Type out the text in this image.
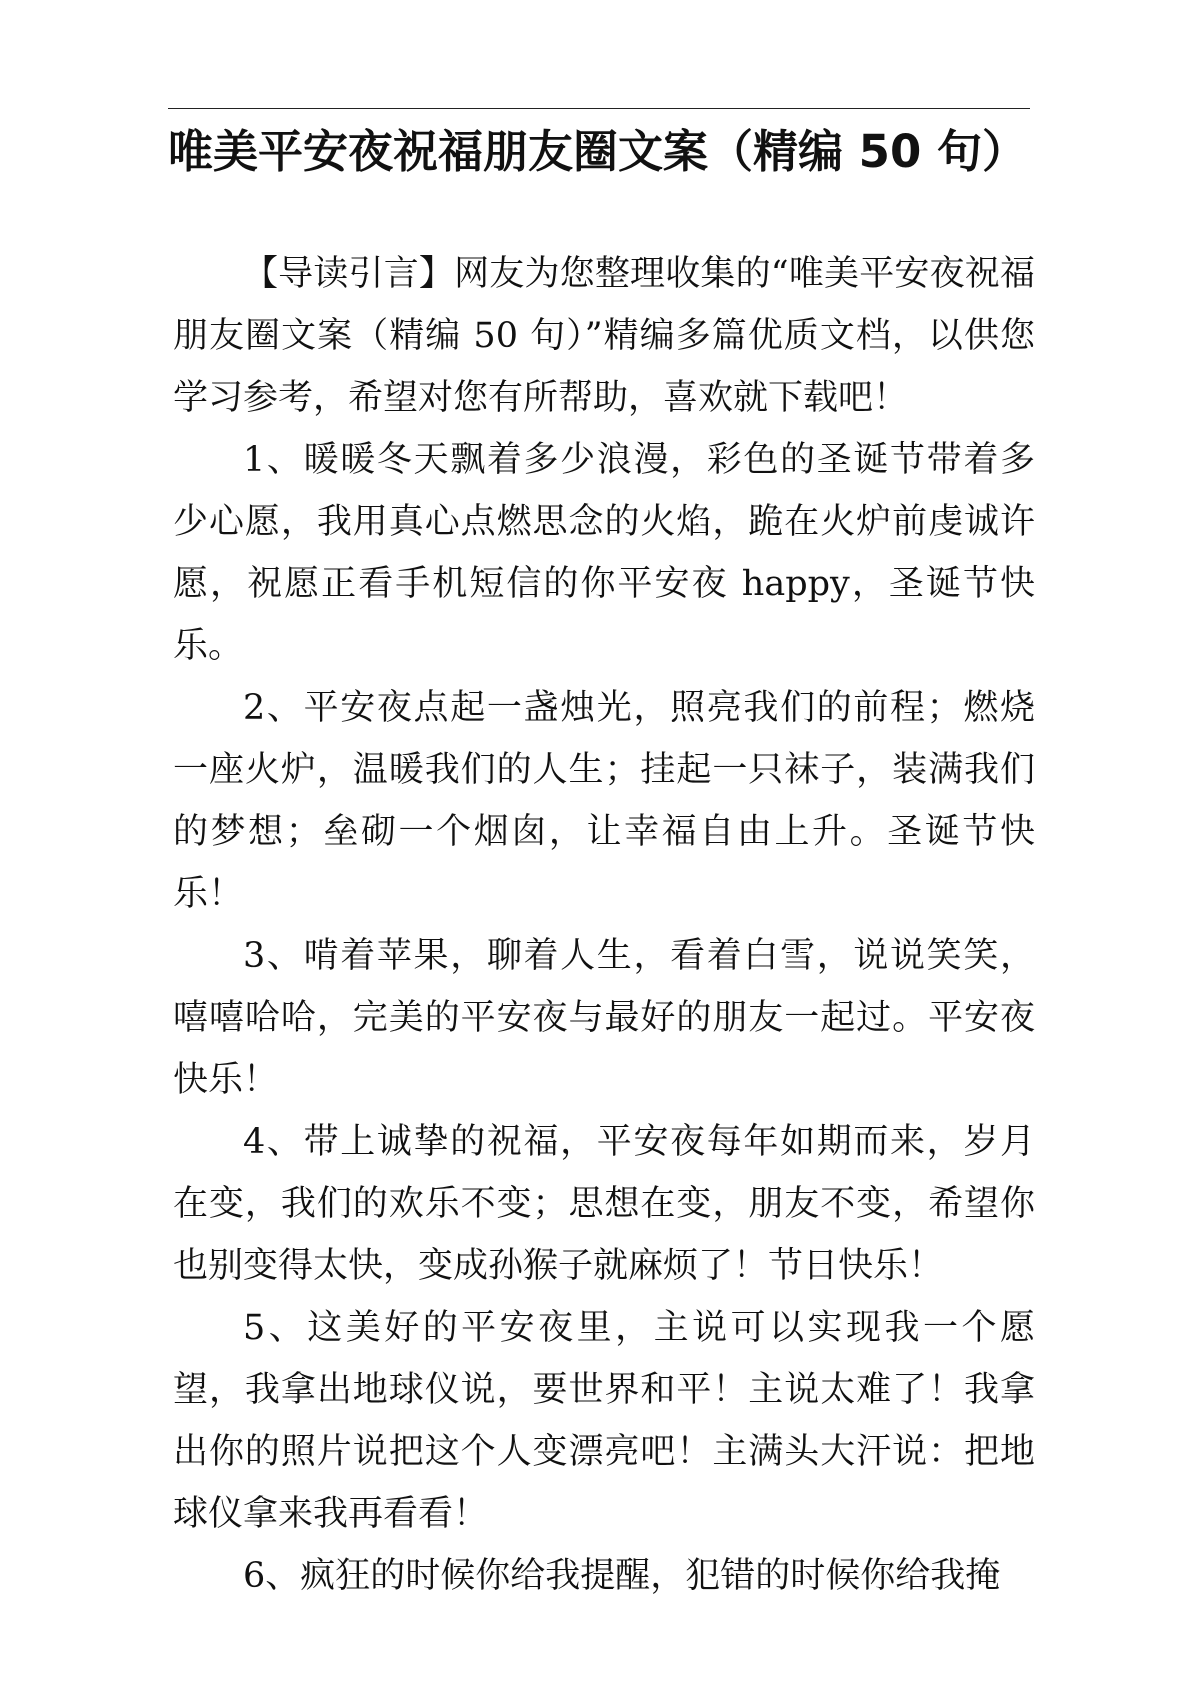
唯美平安夜祝福朋友圈文案（精编 50 句）

【导读引言】网友为您整理收集的“唯美平安夜祝福朋友圈文案（精编 50 句）”精编多篇优质文档，以供您学习参考，希望对您有所帮助，喜欢就下载吧！

1、暖暖冬天飘着多少浪漫，彩色的圣诞节带着多少心愿，我用真心点燃思念的火焰，跪在火炉前虔诚许愿，祝愿正看手机短信的你平安夜 happy，圣诞节快乐。

2、平安夜点起一盏烛光，照亮我们的前程；燃烧一座火炉，温暖我们的人生；挂起一只袜子，装满我们的梦想；垒砌一个烟囱，让幸福自由上升。圣诞节快乐！

3、啃着苹果，聊着人生，看着白雪，说说笑笑，嘻嘻哈哈，完美的平安夜与最好的朋友一起过。平安夜快乐！

4、带上诚挚的祝福，平安夜每年如期而来，岁月在变，我们的欢乐不变；思想在变，朋友不变，希望你也别变得太快，变成孙猴子就麻烦了！节日快乐！

5、这美好的平安夜里，主说可以实现我一个愿望，我拿出地球仪说，要世界和平！主说太难了！我拿出你的照片说把这个人变漂亮吧！主满头大汗说：把地球仪拿来我再看看！

6、疯狂的时候你给我提醒，犯错的时候你给我掩
